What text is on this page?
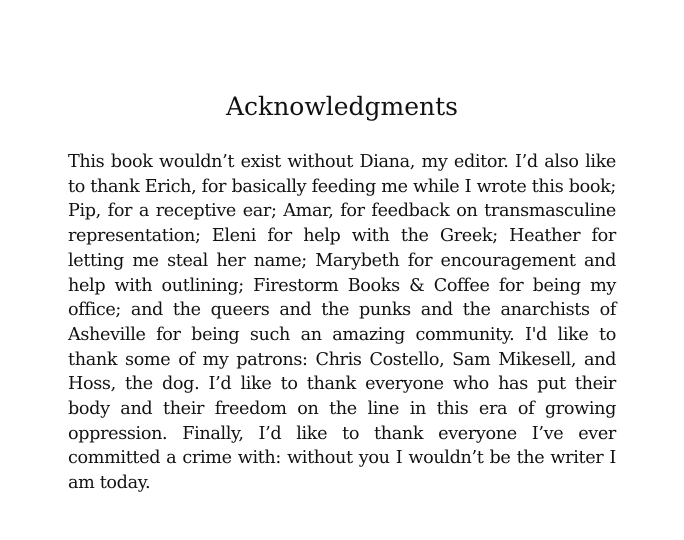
Acknowledgments

This book wouldn’t exist without Diana, my editor. I’d also like to thank Erich, for basically feeding me while I wrote this book; Pip, for a receptive ear; Amar, for feedback on transmasculine representation; Eleni for help with the Greek; Heather for letting me steal her name; Marybeth for encouragement and help with outlining; Firestorm Books & Coffee for being my office; and the queers and the punks and the anarchists of Asheville for being such an amazing community. I'd like to thank some of my patrons: Chris Costello, Sam Mikesell, and Hoss, the dog. I’d like to thank everyone who has put their body and their freedom on the line in this era of growing oppression. Finally, I’d like to thank everyone I’ve ever committed a crime with: without you I wouldn’t be the writer I am today.
